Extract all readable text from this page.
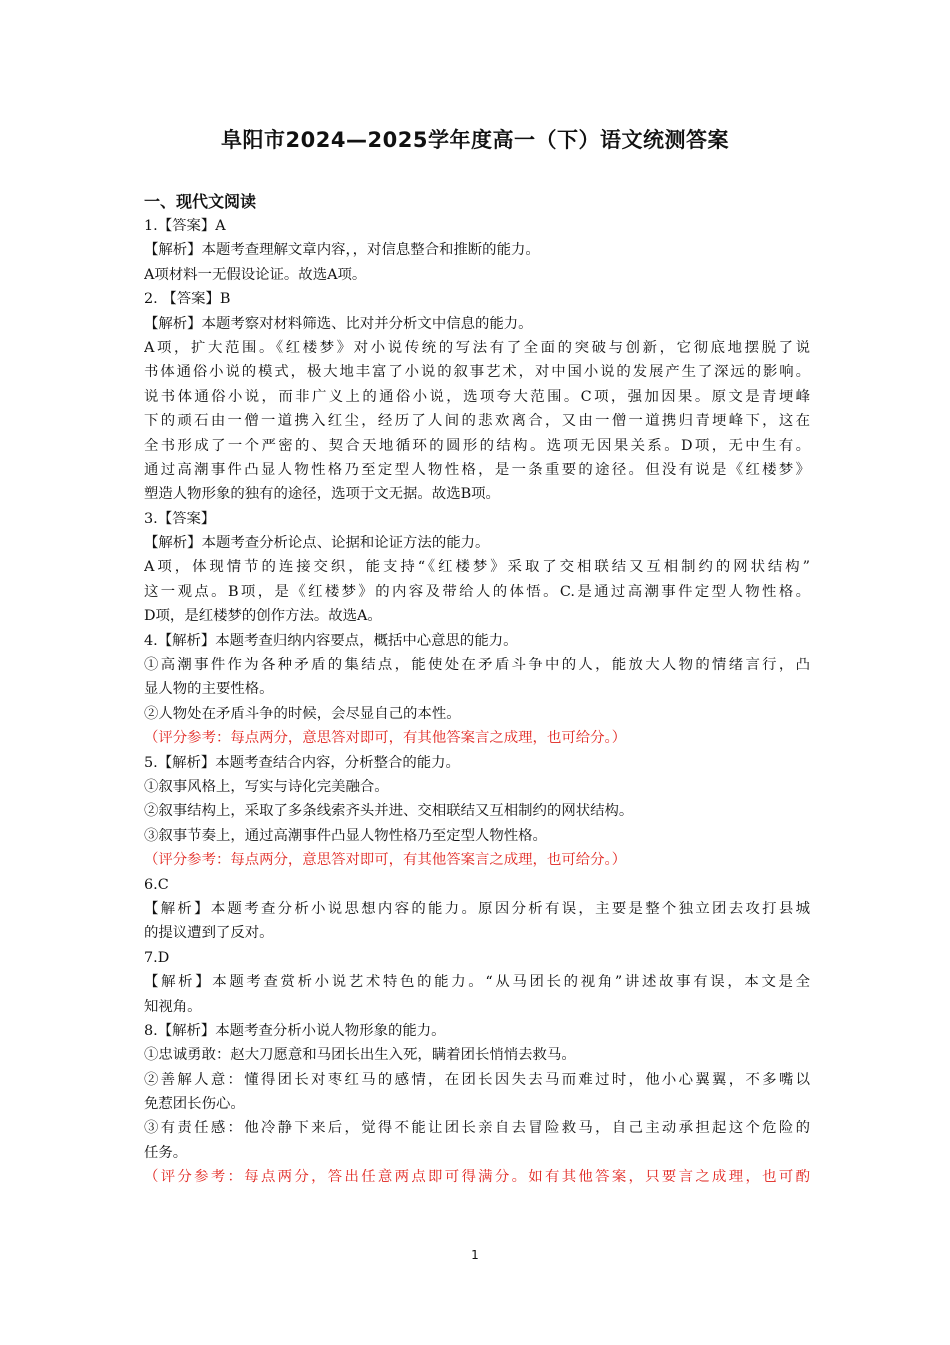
阜阳市2024—2025学年度高一（下）语文统测答案
一、现代文阅读
1.【答案】A
【解析】本题考查理解文章内容，，对信息整合和推断的能力。
A项材料一无假设论证。故选A项。
2. 【答案】B
【解析】本题考察对材料筛选、比对并分析文中信息的能力。
A项，扩大范围。《红楼梦》对小说传统的写法有了全面的突破与创新，它彻底地摆脱了说
书体通俗小说的模式，极大地丰富了小说的叙事艺术，对中国小说的发展产生了深远的影响。
说书体通俗小说，而非广义上的通俗小说，选项夸大范围。C项，强加因果。原文是青埂峰
下的顽石由一僧一道携入红尘，经历了人间的悲欢离合，又由一僧一道携归青埂峰下，这在
全书形成了一个严密的、契合天地循环的圆形的结构。选项无因果关系。D项，无中生有。
通过高潮事件凸显人物性格乃至定型人物性格，是一条重要的途径。但没有说是《红楼梦》
塑造人物形象的独有的途径，选项于文无据。故选B项。
3.【答案】
【解析】本题考查分析论点、论据和论证方法的能力。
A项，体现情节的连接交织，能支持“《红楼梦》采取了交相联结又互相制约的网状结构”
这一观点。B项，是《红楼梦》的内容及带给人的体悟。C.是通过高潮事件定型人物性格。
D项，是红楼梦的创作方法。故选A。
4.【解析】本题考查归纳内容要点，概括中心意思的能力。
①高潮事件作为各种矛盾的集结点，能使处在矛盾斗争中的人，能放大人物的情绪言行，凸
显人物的主要性格。
②人物处在矛盾斗争的时候，会尽显自己的本性。
（评分参考：每点两分，意思答对即可，有其他答案言之成理，也可给分。）
5.【解析】本题考查结合内容，分析整合的能力。
①叙事风格上，写实与诗化完美融合。
②叙事结构上，采取了多条线索齐头并进、交相联结又互相制约的网状结构。
③叙事节奏上，通过高潮事件凸显人物性格乃至定型人物性格。
（评分参考：每点两分，意思答对即可，有其他答案言之成理，也可给分。）
6.C
【解析】本题考查分析小说思想内容的能力。原因分析有误，主要是整个独立团去攻打县城
的提议遭到了反对。
7.D
【解析】本题考查赏析小说艺术特色的能力。“从马团长的视角”讲述故事有误，本文是全
知视角。
8.【解析】本题考查分析小说人物形象的能力。
①忠诚勇敢：赵大刀愿意和马团长出生入死，瞒着团长悄悄去救马。
②善解人意：懂得团长对枣红马的感情，在团长因失去马而难过时，他小心翼翼，不多嘴以
免惹团长伤心。
③有责任感：他冷静下来后，觉得不能让团长亲自去冒险救马，自己主动承担起这个危险的
任务。
（评分参考：每点两分，答出任意两点即可得满分。如有其他答案，只要言之成理，也可酌
1
